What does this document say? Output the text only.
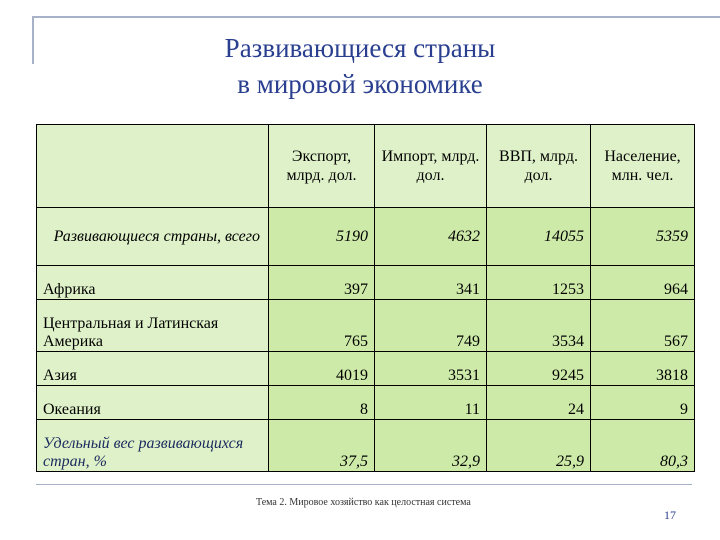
Развивающиеся страны
в мировой экономике
	Экспорт, млрд. дол.	Импорт, млрд. дол.	ВВП, млрд. дол.	Население, млн. чел.
Развивающиеся страны, всего	5190	4632	14055	5359
Африка	397	341	1253	964
Центральная и Латинская Америка	765	749	3534	567
Азия	4019	3531	9245	3818
Океания	8	11	24	9
Удельный вес развивающихся стран, %	37,5	32,9	25,9	80,3
Тема 2. Мировое хозяйство как целостная система
17
